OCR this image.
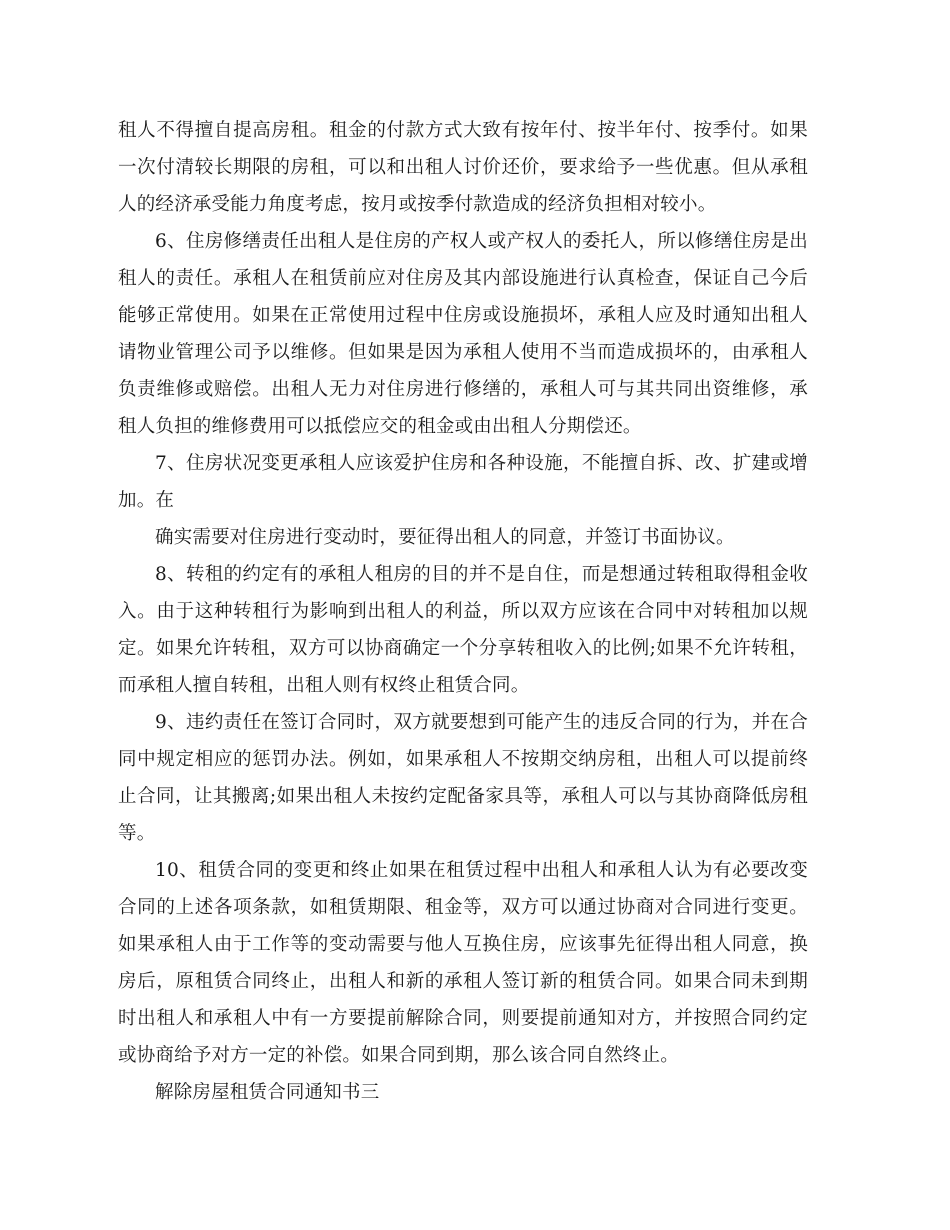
租人不得擅自提高房租。租金的付款方式大致有按年付、按半年付、按季付。如果一次付清较长期限的房租，可以和出租人讨价还价，要求给予一些优惠。但从承租人的经济承受能力角度考虑，按月或按季付款造成的经济负担相对较小。

6、住房修缮责任出租人是住房的产权人或产权人的委托人，所以修缮住房是出租人的责任。承租人在租赁前应对住房及其内部设施进行认真检查，保证自己今后能够正常使用。如果在正常使用过程中住房或设施损坏，承租人应及时通知出租人请物业管理公司予以维修。但如果是因为承租人使用不当而造成损坏的，由承租人负责维修或赔偿。出租人无力对住房进行修缮的，承租人可与其共同出资维修，承租人负担的维修费用可以抵偿应交的租金或由出租人分期偿还。

7、住房状况变更承租人应该爱护住房和各种设施，不能擅自拆、改、扩建或增加。在

确实需要对住房进行变动时，要征得出租人的同意，并签订书面协议。

8、转租的约定有的承租人租房的目的并不是自住，而是想通过转租取得租金收入。由于这种转租行为影响到出租人的利益，所以双方应该在合同中对转租加以规定。如果允许转租，双方可以协商确定一个分享转租收入的比例;如果不允许转租，而承租人擅自转租，出租人则有权终止租赁合同。

9、违约责任在签订合同时，双方就要想到可能产生的违反合同的行为，并在合同中规定相应的惩罚办法。例如，如果承租人不按期交纳房租，出租人可以提前终止合同，让其搬离;如果出租人未按约定配备家具等，承租人可以与其协商降低房租等。

10、租赁合同的变更和终止如果在租赁过程中出租人和承租人认为有必要改变合同的上述各项条款，如租赁期限、租金等，双方可以通过协商对合同进行变更。如果承租人由于工作等的变动需要与他人互换住房，应该事先征得出租人同意，换房后，原租赁合同终止，出租人和新的承租人签订新的租赁合同。如果合同未到期时出租人和承租人中有一方要提前解除合同，则要提前通知对方，并按照合同约定或协商给予对方一定的补偿。如果合同到期，那么该合同自然终止。

解除房屋租赁合同通知书三
